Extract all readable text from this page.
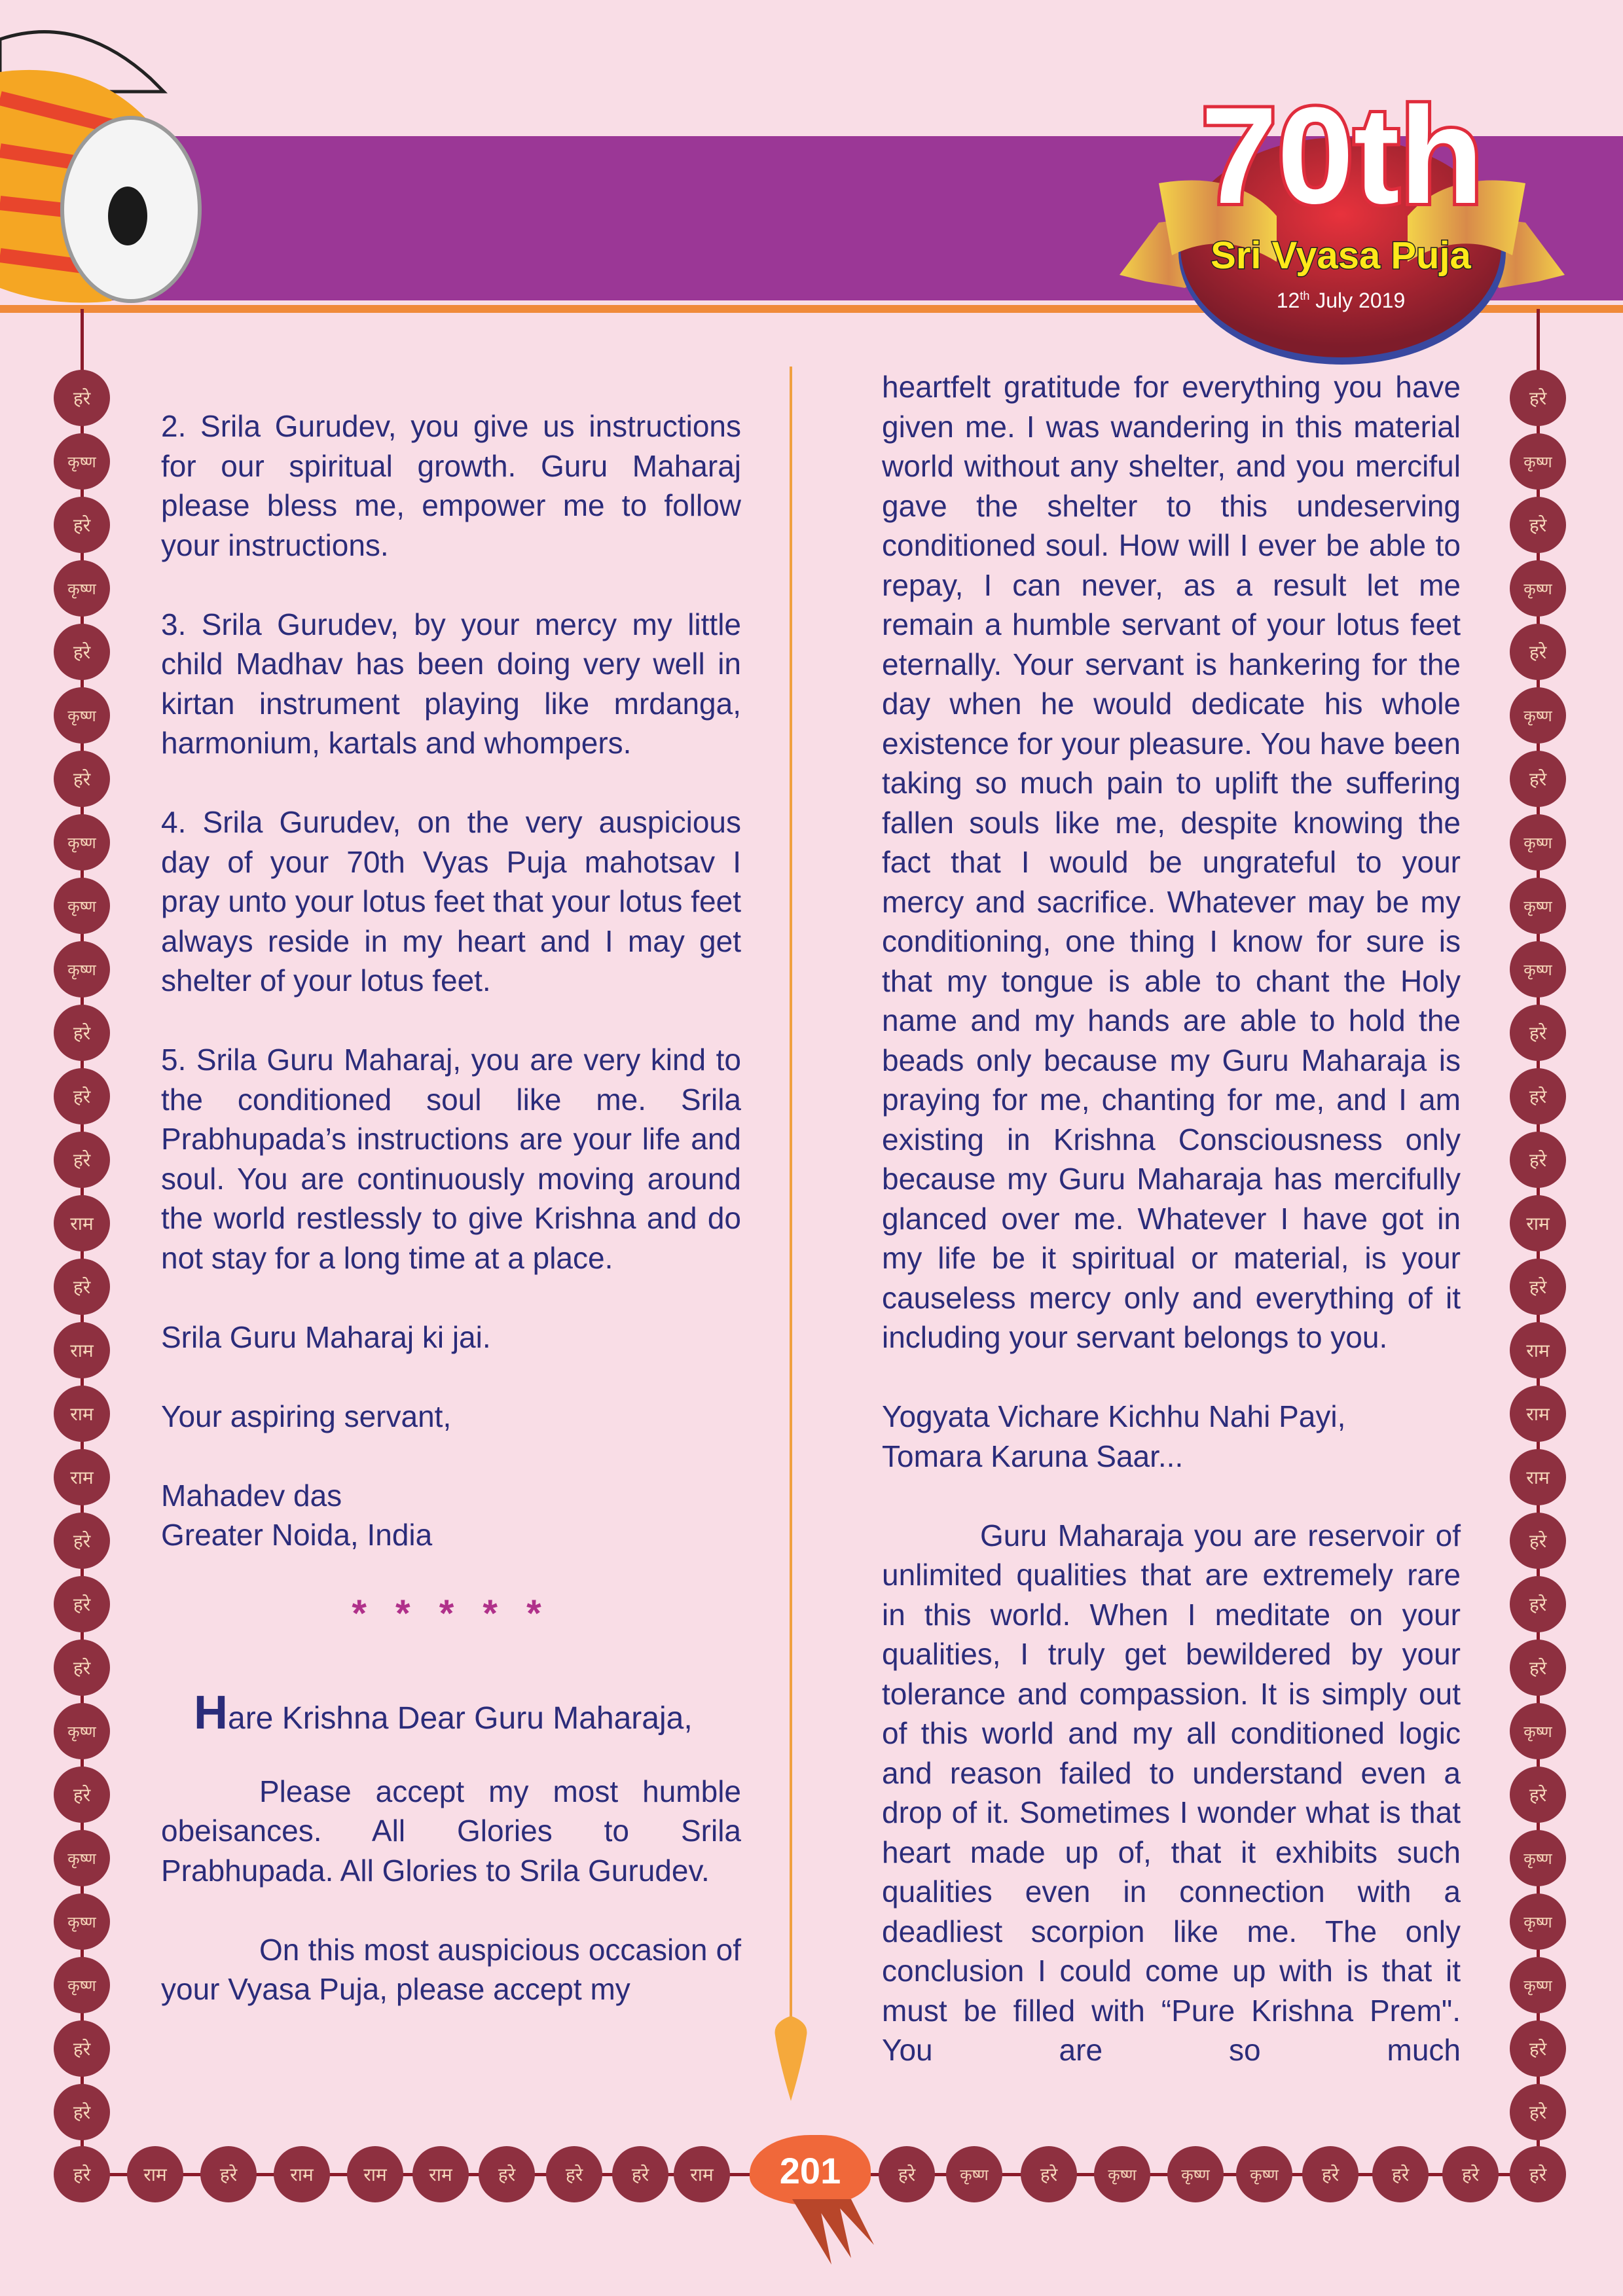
70th
Sri Vyasa Puja
12th July 2019
हरे
कृष्ण
हरे
कृष्ण
हरे
कृष्ण
हरे
कृष्ण
कृष्ण
कृष्ण
हरे
हरे
हरे
राम
हरे
राम
राम
राम
हरे
हरे
हरे
कृष्ण
हरे
कृष्ण
कृष्ण
कृष्ण
हरे
हरे
हरे
कृष्ण
हरे
कृष्ण
हरे
कृष्ण
हरे
कृष्ण
कृष्ण
कृष्ण
हरे
हरे
हरे
राम
हरे
राम
राम
राम
हरे
हरे
हरे
कृष्ण
हरे
कृष्ण
कृष्ण
कृष्ण
हरे
हरे
हरे	राम	हरे	राम	राम	राम	हरे	हरे	हरे	राम	हरे	कृष्ण	हरे	कृष्ण	कृष्ण	कृष्ण	हरे	हरे	हरे	हरे
201

2. Srila Gurudev, you give us instructions for our spiritual growth. Guru Maharaj please bless me, empower me to follow your instructions.

3. Srila Gurudev, by your mercy my little child Madhav has been doing very well in kirtan instrument playing like mrdanga, harmonium, kartals and whompers.

4. Srila Gurudev, on the very auspicious day of your 70th Vyas Puja mahotsav I pray unto your lotus feet that your lotus feet always reside in my heart and I may get shelter of your lotus feet.

5. Srila Guru Maharaj, you are very kind to the conditioned soul like me. Srila Prabhupada’s instructions are your life and soul. You are continuously moving around the world restlessly to give Krishna and do not stay for a long time at a place.

Srila Guru Maharaj ki jai.

Your aspiring servant,

Mahadev das
Greater Noida, India

* * * * *

Hare Krishna Dear Guru Maharaja,

Please accept my most humble obeisances. All Glories to Srila Prabhupada. All Glories to Srila Gurudev.

On this most auspicious occasion of your Vyasa Puja, please accept my

heartfelt gratitude for everything you have given me. I was wandering in this material world without any shelter, and you merciful gave the shelter to this undeserving conditioned soul. How will I ever be able to repay, I can never, as a result let me remain a humble servant of your lotus feet eternally. Your servant is hankering for the day when he would dedicate his whole existence for your pleasure. You have been taking so much pain to uplift the suffering fallen souls like me, despite knowing the fact that I would be ungrateful to your mercy and sacrifice. Whatever may be my conditioning, one thing I know for sure is that my tongue is able to chant the Holy name and my hands are able to hold the beads only because my Guru Maharaja is praying for me, chanting for me, and I am existing in Krishna Consciousness only because my Guru Maharaja has mercifully glanced over me. Whatever I have got in my life be it spiritual or material, is your causeless mercy only and everything of it including your servant belongs to you.

Yogyata Vichare Kichhu Nahi Payi,
Tomara Karuna Saar...

Guru Maharaja you are reservoir of unlimited qualities that are extremely rare in this world. When I meditate on your qualities, I truly get bewildered by your tolerance and compassion. It is simply out of this world and my all conditioned logic and reason failed to understand even a drop of it. Sometimes I wonder what is that heart made up of, that it exhibits such qualities even in connection with a deadliest scorpion like me. The only conclusion I could come up with is that it must be filled with “Pure Krishna Prem". You are so much
